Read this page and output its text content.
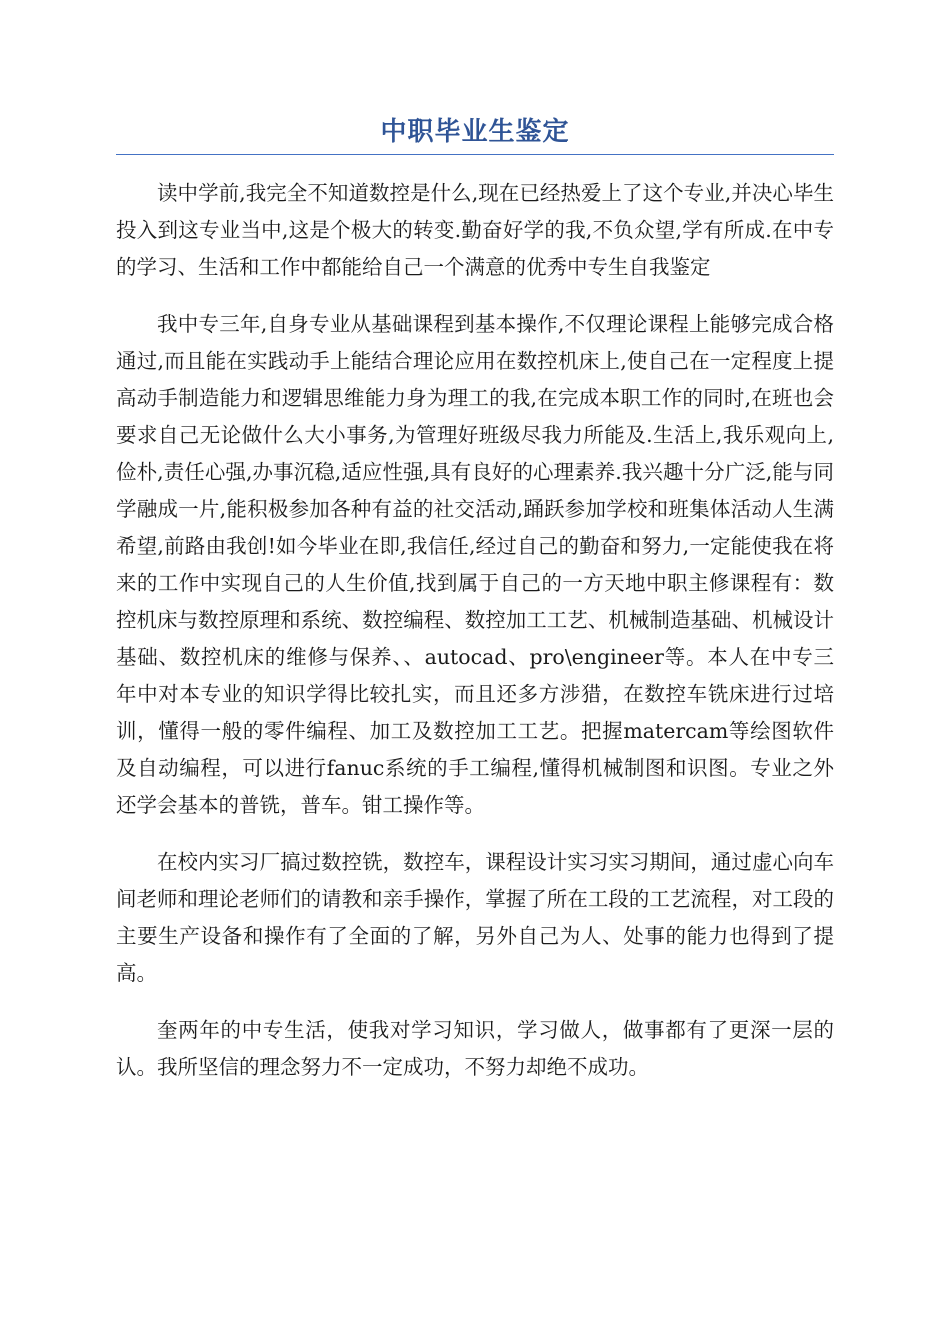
中职毕业生鉴定

读中学前,我完全不知道数控是什么,现在已经热爱上了这个专业,并决心毕生投入到这专业当中,这是个极大的转变.勤奋好学的我,不负众望,学有所成.在中专的学习、生活和工作中都能给自己一个满意的优秀中专生自我鉴定

我中专三年,自身专业从基础课程到基本操作,不仅理论课程上能够完成合格通过,而且能在实践动手上能结合理论应用在数控机床上,使自己在一定程度上提高动手制造能力和逻辑思维能力身为理工的我,在完成本职工作的同时,在班也会要求自己无论做什么大小事务,为管理好班级尽我力所能及.生活上,我乐观向上,俭朴,责任心强,办事沉稳,适应性强,具有良好的心理素养.我兴趣十分广泛,能与同学融成一片,能积极参加各种有益的社交活动,踊跃参加学校和班集体活动人生满希望,前路由我创!如今毕业在即,我信任,经过自己的勤奋和努力,一定能使我在将来的工作中实现自己的人生价值,找到属于自己的一方天地中职主修课程有：数控机床与数控原理和系统、数控编程、数控加工工艺、机械制造基础、机械设计基础、数控机床的维修与保养、、autocad、pro\engineer等。本人在中专三年中对本专业的知识学得比较扎实，而且还多方涉猎，在数控车铣床进行过培训，懂得一般的零件编程、加工及数控加工工艺。把握matercam等绘图软件及自动编程，可以进行fanuc系统的手工编程,懂得机械制图和识图。专业之外还学会基本的普铣，普车。钳工操作等。

在校内实习厂搞过数控铣，数控车，课程设计实习实习期间，通过虚心向车间老师和理论老师们的请教和亲手操作，掌握了所在工段的工艺流程，对工段的主要生产设备和操作有了全面的了解，另外自己为人、处事的能力也得到了提高。

奎两年的中专生活，使我对学习知识，学习做人，做事都有了更深一层的认。我所坚信的理念努力不一定成功，不努力却绝不成功。
